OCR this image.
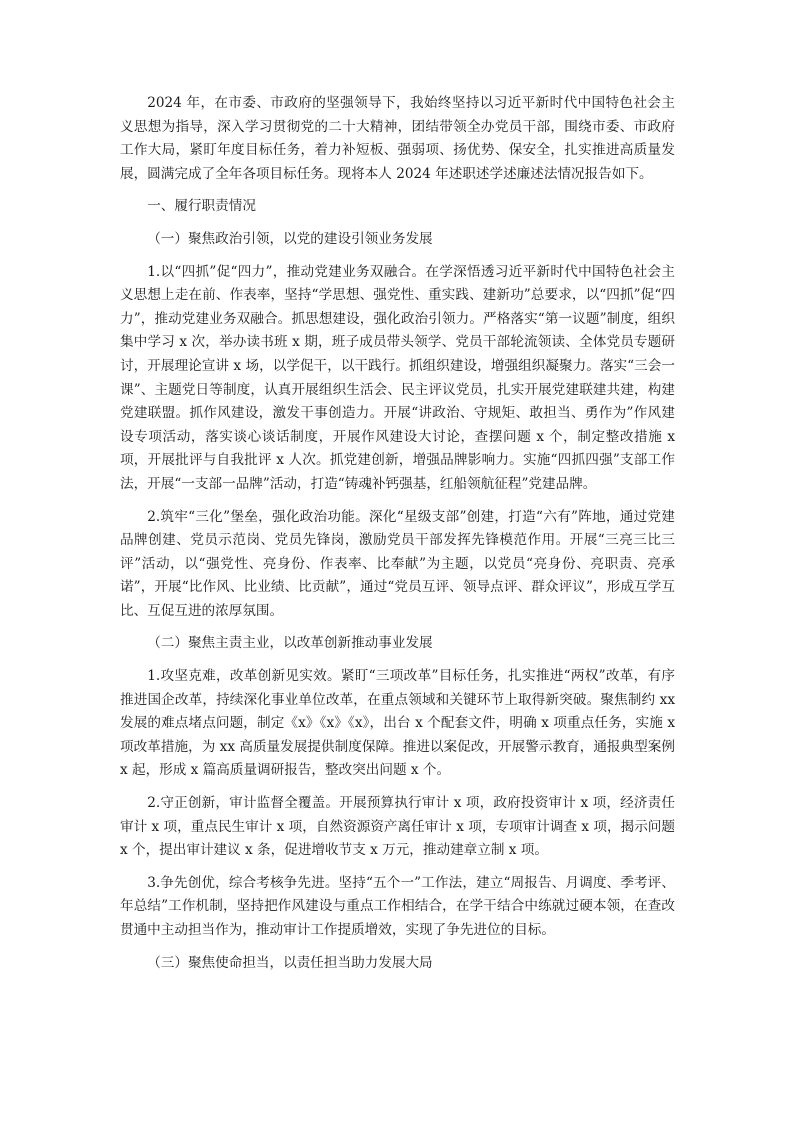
2024 年，在市委、市政府的坚强领导下，我始终坚持以习近平新时代中国特色社会主义思想为指导，深入学习贯彻党的二十大精神，团结带领全办党员干部，围绕市委、市政府工作大局，紧盯年度目标任务，着力补短板、强弱项、扬优势、保安全，扎实推进高质量发展，圆满完成了全年各项目标任务。现将本人 2024 年述职述学述廉述法情况报告如下。

一、履行职责情况

（一）聚焦政治引领，以党的建设引领业务发展

1.以“四抓”促“四力”，推动党建业务双融合。在学深悟透习近平新时代中国特色社会主义思想上走在前、作表率，坚持“学思想、强党性、重实践、建新功”总要求，以“四抓”促“四力”，推动党建业务双融合。抓思想建设，强化政治引领力。严格落实“第一议题”制度，组织集中学习 x 次，举办读书班 x 期，班子成员带头领学、党员干部轮流领读、全体党员专题研讨，开展理论宣讲 x 场，以学促干，以干践行。抓组织建设，增强组织凝聚力。落实“三会一课”、主题党日等制度，认真开展组织生活会、民主评议党员，扎实开展党建联建共建，构建党建联盟。抓作风建设，激发干事创造力。开展“讲政治、守规矩、敢担当、勇作为”作风建设专项活动，落实谈心谈话制度，开展作风建设大讨论，查摆问题 x 个，制定整改措施 x 项，开展批评与自我批评 x 人次。抓党建创新，增强品牌影响力。实施“四抓四强”支部工作法，开展“一支部一品牌”活动，打造“铸魂补钙强基，红船领航征程”党建品牌。

2.筑牢“三化”堡垒，强化政治功能。深化“星级支部”创建，打造“六有”阵地，通过党建品牌创建、党员示范岗、党员先锋岗，激励党员干部发挥先锋模范作用。开展“三亮三比三评”活动，以“强党性、亮身份、作表率、比奉献”为主题，以党员“亮身份、亮职责、亮承诺”，开展“比作风、比业绩、比贡献”，通过“党员互评、领导点评、群众评议”，形成互学互比、互促互进的浓厚氛围。

（二）聚焦主责主业，以改革创新推动事业发展

1.攻坚克难，改革创新见实效。紧盯“三项改革”目标任务，扎实推进“两权”改革，有序推进国企改革，持续深化事业单位改革，在重点领域和关键环节上取得新突破。聚焦制约 xx 发展的难点堵点问题，制定《x》《x》《x》，出台 x 个配套文件，明确 x 项重点任务，实施 x 项改革措施，为 xx 高质量发展提供制度保障。推进以案促改，开展警示教育，通报典型案例 x 起，形成 x 篇高质量调研报告，整改突出问题 x 个。

2.守正创新，审计监督全覆盖。开展预算执行审计 x 项，政府投资审计 x 项，经济责任审计 x 项，重点民生审计 x 项，自然资源资产离任审计 x 项，专项审计调查 x 项，揭示问题 x 个，提出审计建议 x 条，促进增收节支 x 万元，推动建章立制 x 项。

3.争先创优，综合考核争先进。坚持“五个一”工作法，建立“周报告、月调度、季考评、年总结”工作机制，坚持把作风建设与重点工作相结合，在学干结合中练就过硬本领，在查改贯通中主动担当作为，推动审计工作提质增效，实现了争先进位的目标。

（三）聚焦使命担当，以责任担当助力发展大局
